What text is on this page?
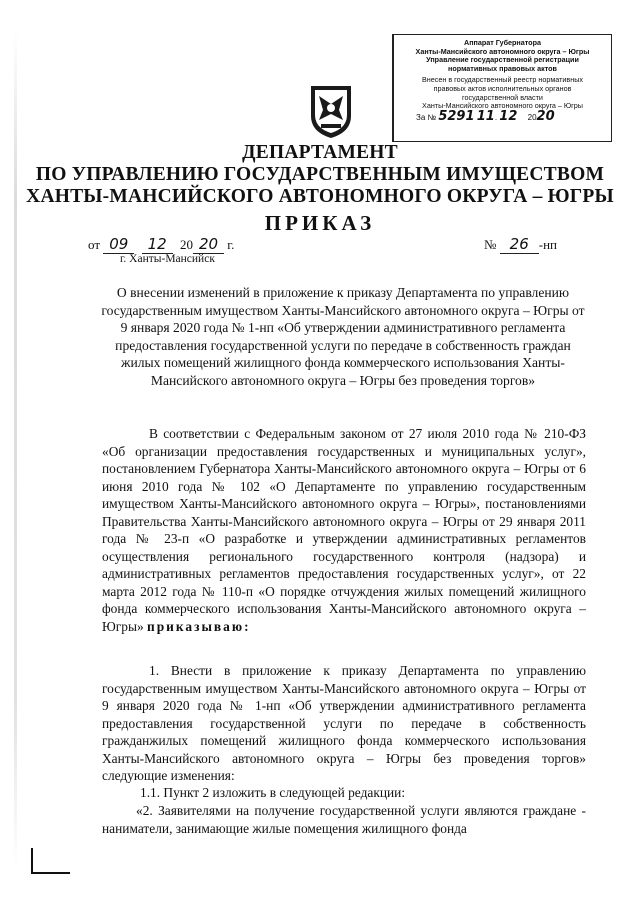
Аппарат Губернатора
Ханты-Мансийского автономного округа – Югры
Управление государственной регистрации
нормативных правовых актов
Внесен в государственный реестр нормативных
правовых актов исполнительных органов
государственной власти
Ханты-Мансийского автономного округа – Югры
За № 5291 11. 12 2020
ДЕПАРТАМЕНТ
ПО УПРАВЛЕНИЮ ГОСУДАРСТВЕННЫМ ИМУЩЕСТВОМ
ХАНТЫ-МАНСИЙСКОГО АВТОНОМНОГО ОКРУГА – ЮГРЫ
ПРИКАЗ
от 09 12 20 20 г.
г. Ханты-Мансийск
№ 26 -нп
О внесении изменений в приложение к приказу Департамента по управлению государственным имуществом Ханты-Мансийского автономного округа – Югры от 9 января 2020 года № 1-нп «Об утверждении административного регламента предоставления государственной услуги по передаче в собственность граждан жилых помещений жилищного фонда коммерческого использования Ханты-Мансийского автономного округа – Югры без проведения торгов»
В соответствии с Федеральным законом от 27 июля 2010 года № 210-ФЗ «Об организации предоставления государственных и муниципальных услуг», постановлением Губернатора Ханты-Мансийского автономного округа – Югры от 6 июня 2010 года № 102 «О Департаменте по управлению государственным имуществом Ханты-Мансийского автономного округа – Югры», постановлениями Правительства Ханты-Мансийского автономного округа – Югры от 29 января 2011 года № 23-п «О разработке и утверждении административных регламентов осуществления регионального государственного контроля (надзора) и административных регламентов предоставления государственных услуг», от 22 марта 2012 года № 110-п «О порядке отчуждения жилых помещений жилищного фонда коммерческого использования Ханты-Мансийского автономного округа – Югры» приказываю:
1. Внести в приложение к приказу Департамента по управлению государственным имуществом Ханты-Мансийского автономного округа – Югры от 9 января 2020 года № 1-нп «Об утверждении административного регламента предоставления государственной услуги по передаче в собственность гражданжилых помещений жилищного фонда коммерческого использования Ханты-Мансийского автономного округа – Югры без проведения торгов» следующие изменения:
1.1. Пункт 2 изложить в следующей редакции:
«2. Заявителями на получение государственной услуги являются граждане - наниматели, занимающие жилые помещения жилищного фонда
